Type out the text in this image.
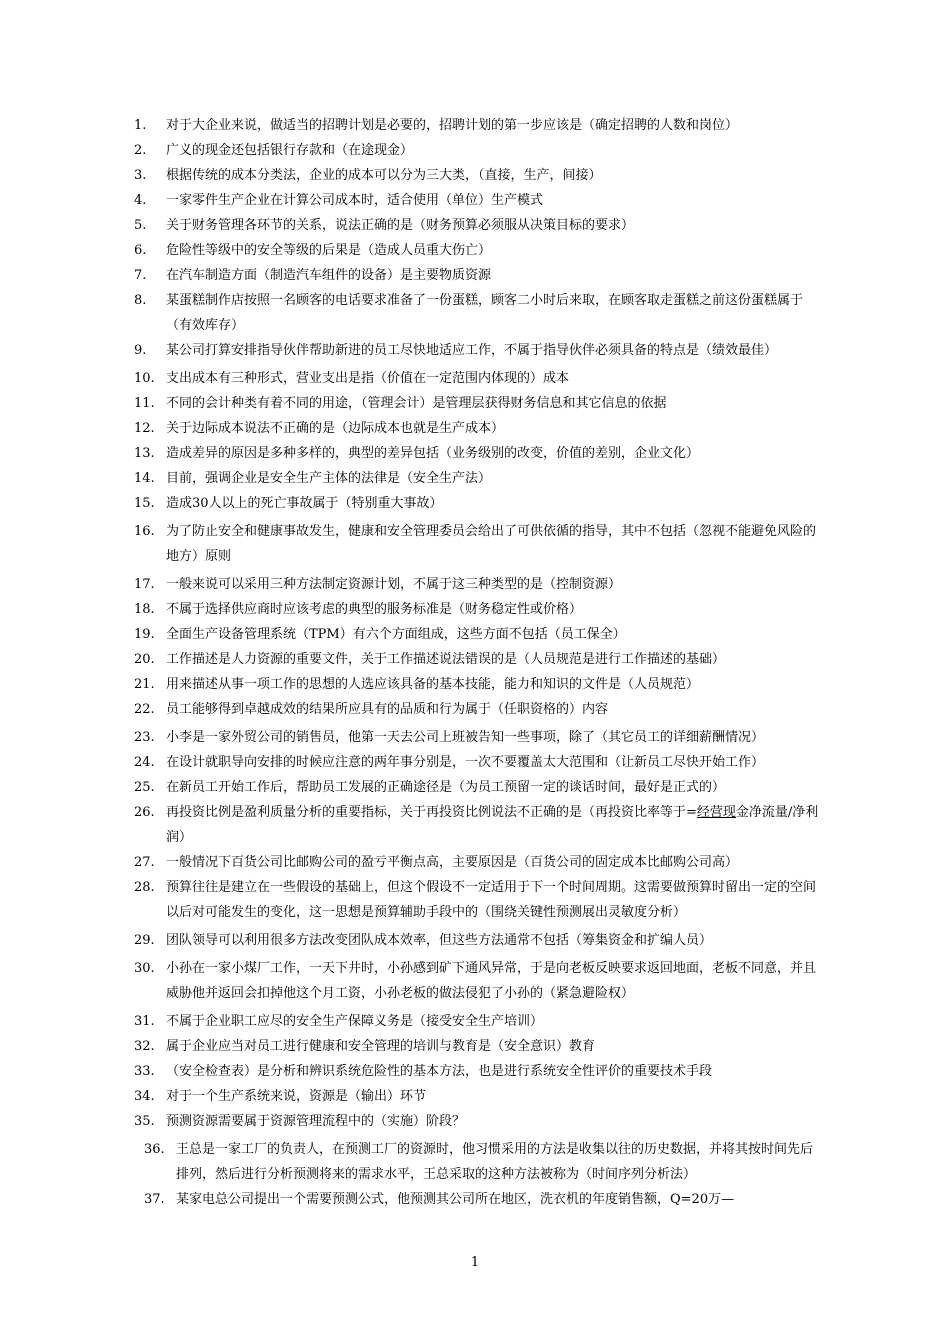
1.	对于大企业来说，做适当的招聘计划是必要的，招聘计划的第一步应该是（确定招聘的人数和岗位）
2.	广义的现金还包括银行存款和（在途现金）
3.	根据传统的成本分类法，企业的成本可以分为三大类，（直接，生产，间接）
4.	一家零件生产企业在计算公司成本时，适合使用（单位）生产模式
5.	关于财务管理各环节的关系，说法正确的是（财务预算必须服从决策目标的要求）
6.	危险性等级中的安全等级的后果是（造成人员重大伤亡）
7.	在汽车制造方面（制造汽车组件的设备）是主要物质资源
8.	某蛋糕制作店按照一名顾客的电话要求准备了一份蛋糕，顾客二小时后来取，在顾客取走蛋糕之前这份蛋糕属于（有效库存）
9.	某公司打算安排指导伙伴帮助新进的员工尽快地适应工作，不属于指导伙伴必须具备的特点是（绩效最佳）
10. 支出成本有三种形式，营业支出是指（价值在一定范围内体现的）成本
11. 不同的会计种类有着不同的用途，（管理会计）是管理层获得财务信息和其它信息的依据
12. 关于边际成本说法不正确的是（边际成本也就是生产成本）
13. 造成差异的原因是多种多样的，典型的差异包括（业务级别的改变，价值的差别，企业文化）
14. 目前，强调企业是安全生产主体的法律是（安全生产法）
15. 造成30人以上的死亡事故属于（特别重大事故）
16. 为了防止安全和健康事故发生，健康和安全管理委员会给出了可供依循的指导，其中不包括（忽视不能避免风险的地方）原则
17. 一般来说可以采用三种方法制定资源计划，不属于这三种类型的是（控制资源）
18. 不属于选择供应商时应该考虑的典型的服务标准是（财务稳定性或价格）
19. 全面生产设备管理系统（TPM）有六个方面组成，这些方面不包括（员工保全）
20. 工作描述是人力资源的重要文件，关于工作描述说法错误的是（人员规范是进行工作描述的基础）
21. 用来描述从事一项工作的思想的人选应该具备的基本技能，能力和知识的文件是（人员规范）
22. 员工能够得到卓越成效的结果所应具有的品质和行为属于（任职资格的）内容
23. 小李是一家外贸公司的销售员，他第一天去公司上班被告知一些事项，除了（其它员工的详细薪酬情况）
24. 在设计就职导向安排的时候应注意的两年事分别是，一次不要覆盖太大范围和（让新员工尽快开始工作）
25. 在新员工开始工作后，帮助员工发展的正确途径是（为员工预留一定的谈话时间，最好是正式的）
26. 再投资比例是盈利质量分析的重要指标，关于再投资比例说法不正确的是（再投资比率等于=经营现金净流量/净利润）
27. 一般情况下百货公司比邮购公司的盈亏平衡点高，主要原因是（百货公司的固定成本比邮购公司高）
28. 预算往往是建立在一些假设的基础上，但这个假设不一定适用于下一个时间周期。这需要做预算时留出一定的空间以后对可能发生的变化，这一思想是预算辅助手段中的（围绕关键性预测展出灵敏度分析）
29. 团队领导可以利用很多方法改变团队成本效率，但这些方法通常不包括（筹集资金和扩编人员）
30. 小孙在一家小煤厂工作，一天下井时，小孙感到矿下通风异常，于是向老板反映要求返回地面，老板不同意，并且威胁他并返回会扣掉他这个月工资，小孙老板的做法侵犯了小孙的（紧急避险权）
31. 不属于企业职工应尽的安全生产保障义务是（接受安全生产培训）
32. 属于企业应当对员工进行健康和安全管理的培训与教育是（安全意识）教育
33. （安全检查表）是分析和辨识系统危险性的基本方法，也是进行系统安全性评价的重要技术手段
34. 对于一个生产系统来说，资源是（输出）环节
35. 预测资源需要属于资源管理流程中的（实施）阶段？
36. 王总是一家工厂的负责人，在预测工厂的资源时，他习惯采用的方法是收集以往的历史数据，并将其按时间先后排列，然后进行分析预测将来的需求水平，王总采取的这种方法被称为（时间序列分析法）
37. 某家电总公司提出一个需要预测公式，他预测其公司所在地区，洗衣机的年度销售额，Q=20万—
1
